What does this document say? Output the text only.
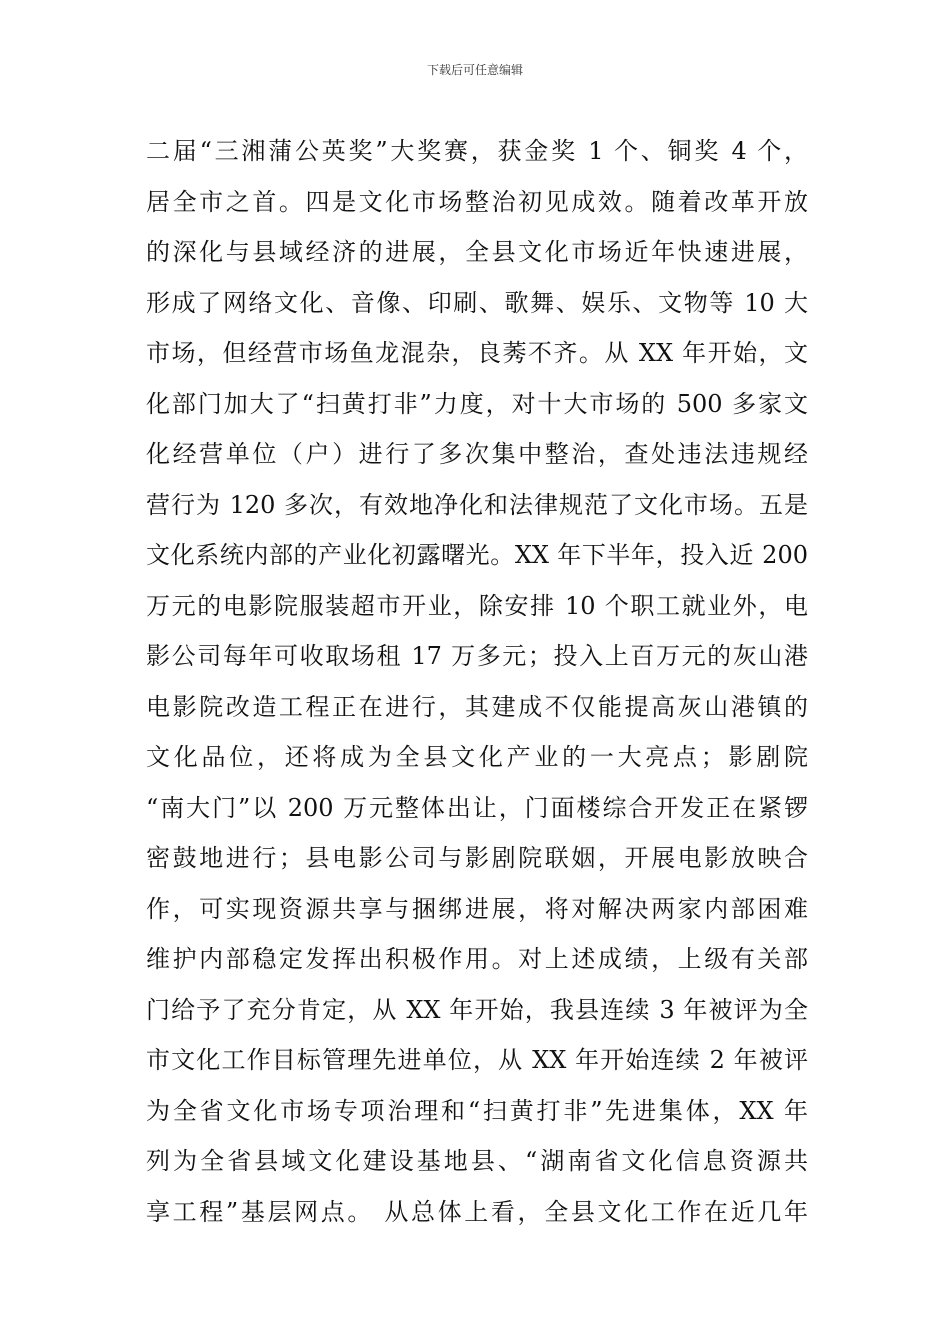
下载后可任意编辑
二届“三湘蒲公英奖”大奖赛，获金奖 1 个、铜奖 4 个，
居全市之首。四是文化市场整治初见成效。随着改革开放
的深化与县域经济的进展，全县文化市场近年快速进展，
形成了网络文化、音像、印刷、歌舞、娱乐、文物等 10 大
市场，但经营市场鱼龙混杂，良莠不齐。从 XX 年开始，文
化部门加大了“扫黄打非”力度，对十大市场的 500 多家文
化经营单位（户）进行了多次集中整治，查处违法违规经
营行为 120 多次，有效地净化和法律规范了文化市场。五是
文化系统内部的产业化初露曙光。XX 年下半年，投入近 200
万元的电影院服装超市开业，除安排 10 个职工就业外，电
影公司每年可收取场租 17 万多元；投入上百万元的灰山港
电影院改造工程正在进行，其建成不仅能提高灰山港镇的
文化品位，还将成为全县文化产业的一大亮点；影剧院
“南大门”以 200 万元整体出让，门面楼综合开发正在紧锣
密鼓地进行；县电影公司与影剧院联姻，开展电影放映合
作，可实现资源共享与捆绑进展，将对解决两家内部困难
维护内部稳定发挥出积极作用。对上述成绩，上级有关部
门给予了充分肯定，从 XX 年开始，我县连续 3 年被评为全
市文化工作目标管理先进单位，从 XX 年开始连续 2 年被评
为全省文化市场专项治理和“扫黄打非”先进集体，XX 年
列为全省县域文化建设基地县、“湖南省文化信息资源共
享工程”基层网点。 从总体上看，全县文化工作在近几年
